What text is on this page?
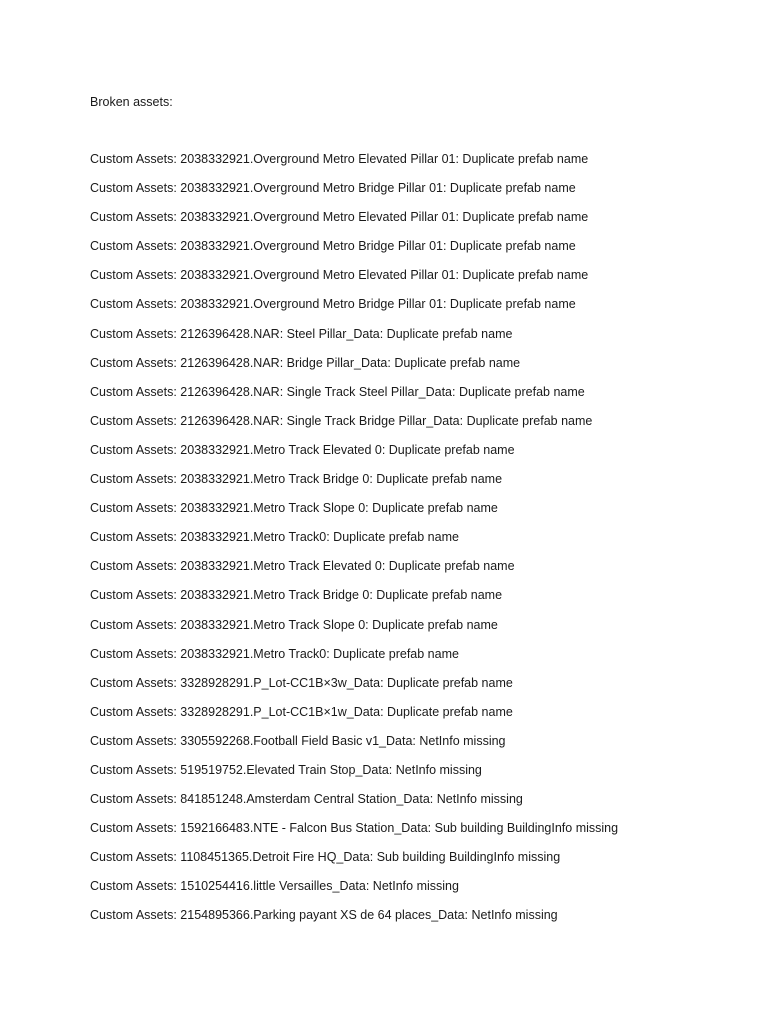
Broken assets:
Custom Assets: 2038332921.Overground Metro Elevated Pillar 01: Duplicate prefab name
Custom Assets: 2038332921.Overground Metro Bridge Pillar 01: Duplicate prefab name
Custom Assets: 2038332921.Overground Metro Elevated Pillar 01: Duplicate prefab name
Custom Assets: 2038332921.Overground Metro Bridge Pillar 01: Duplicate prefab name
Custom Assets: 2038332921.Overground Metro Elevated Pillar 01: Duplicate prefab name
Custom Assets: 2038332921.Overground Metro Bridge Pillar 01: Duplicate prefab name
Custom Assets: 2126396428.NAR: Steel Pillar_Data: Duplicate prefab name
Custom Assets: 2126396428.NAR: Bridge Pillar_Data: Duplicate prefab name
Custom Assets: 2126396428.NAR: Single Track Steel Pillar_Data: Duplicate prefab name
Custom Assets: 2126396428.NAR: Single Track Bridge Pillar_Data: Duplicate prefab name
Custom Assets: 2038332921.Metro Track Elevated 0: Duplicate prefab name
Custom Assets: 2038332921.Metro Track Bridge 0: Duplicate prefab name
Custom Assets: 2038332921.Metro Track Slope 0: Duplicate prefab name
Custom Assets: 2038332921.Metro Track0: Duplicate prefab name
Custom Assets: 2038332921.Metro Track Elevated 0: Duplicate prefab name
Custom Assets: 2038332921.Metro Track Bridge 0: Duplicate prefab name
Custom Assets: 2038332921.Metro Track Slope 0: Duplicate prefab name
Custom Assets: 2038332921.Metro Track0: Duplicate prefab name
Custom Assets: 3328928291.P_Lot-CC1B×3w_Data: Duplicate prefab name
Custom Assets: 3328928291.P_Lot-CC1B×1w_Data: Duplicate prefab name
Custom Assets: 3305592268.Football Field Basic v1_Data: NetInfo missing
Custom Assets: 519519752.Elevated Train Stop_Data: NetInfo missing
Custom Assets: 841851248.Amsterdam Central Station_Data: NetInfo missing
Custom Assets: 1592166483.NTE - Falcon Bus Station_Data: Sub building BuildingInfo missing
Custom Assets: 1108451365.Detroit Fire HQ_Data: Sub building BuildingInfo missing
Custom Assets: 1510254416.little Versailles_Data: NetInfo missing
Custom Assets: 2154895366.Parking payant XS de 64 places_Data: NetInfo missing
